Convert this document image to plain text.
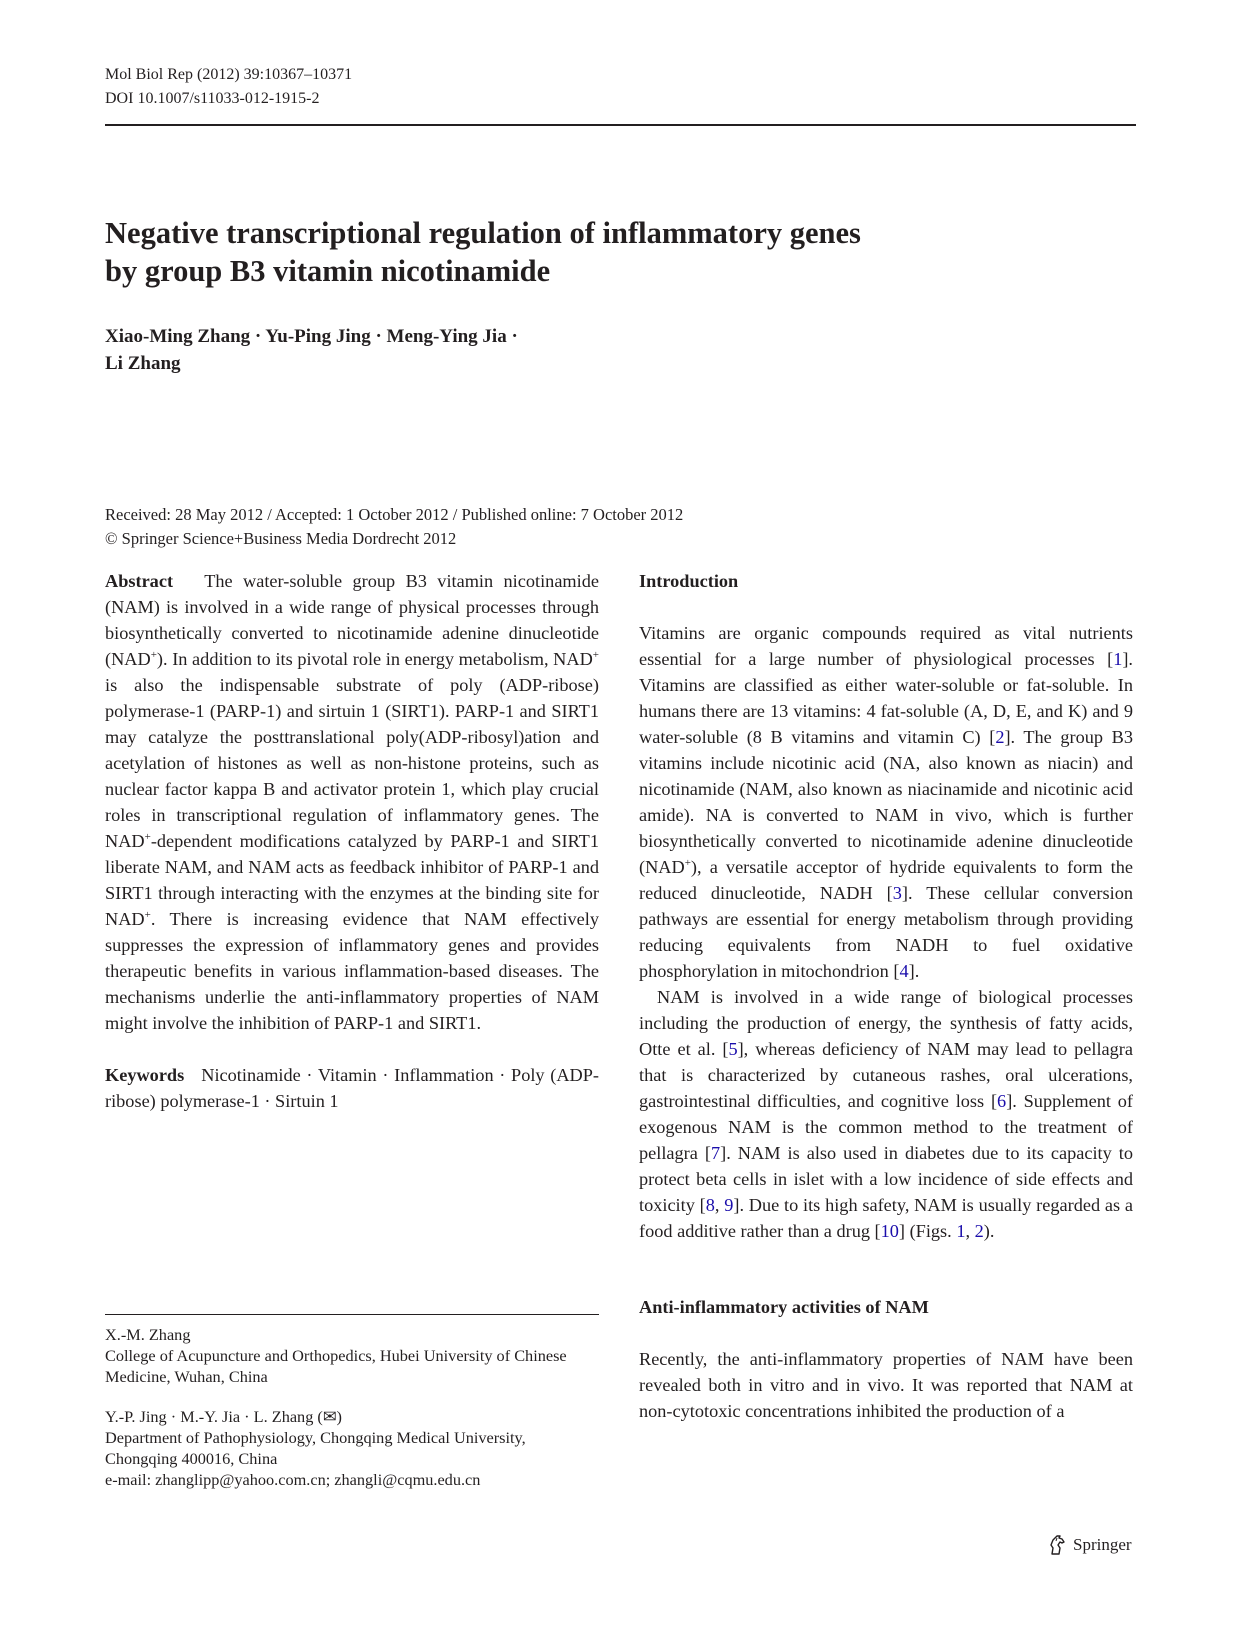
Mol Biol Rep (2012) 39:10367–10371
DOI 10.1007/s11033-012-1915-2
Negative transcriptional regulation of inflammatory genes
by group B3 vitamin nicotinamide
Xiao-Ming Zhang · Yu-Ping Jing · Meng-Ying Jia ·
Li Zhang
Received: 28 May 2012 / Accepted: 1 October 2012 / Published online: 7 October 2012
© Springer Science+Business Media Dordrecht 2012

Abstract The water-soluble group B3 vitamin nicotinamide (NAM) is involved in a wide range of physical processes through biosynthetically converted to nicotinamide adenine dinucleotide (NAD+). In addition to its pivotal role in energy metabolism, NAD+ is also the indispensable substrate of poly (ADP-ribose) polymerase-1 (PARP-1) and sirtuin 1 (SIRT1). PARP-1 and SIRT1 may catalyze the posttranslational poly(ADP-ribosyl)ation and acetylation of histones as well as non-histone proteins, such as nuclear factor kappa B and activator protein 1, which play crucial roles in transcriptional regulation of inflammatory genes. The NAD+-dependent modifications catalyzed by PARP-1 and SIRT1 liberate NAM, and NAM acts as feedback inhibitor of PARP-1 and SIRT1 through interacting with the enzymes at the binding site for NAD+. There is increasing evidence that NAM effectively suppresses the expression of inflammatory genes and provides therapeutic benefits in various inflammation-based diseases. The mechanisms underlie the anti-inflammatory properties of NAM might involve the inhibition of PARP-1 and SIRT1.

Keywords Nicotinamide · Vitamin · Inflammation · Poly (ADP-ribose) polymerase-1 · Sirtuin 1

X.-M. Zhang

College of Acupuncture and Orthopedics, Hubei University of Chinese Medicine, Wuhan, China

Y.-P. Jing · M.-Y. Jia · L. Zhang (✉)

Department of Pathophysiology, Chongqing Medical University, Chongqing 400016, China

e-mail: zhanglipp@yahoo.com.cn; zhangli@cqmu.edu.cn

Introduction

Vitamins are organic compounds required as vital nutrients essential for a large number of physiological processes [1]. Vitamins are classified as either water-soluble or fat-soluble. In humans there are 13 vitamins: 4 fat-soluble (A, D, E, and K) and 9 water-soluble (8 B vitamins and vitamin C) [2]. The group B3 vitamins include nicotinic acid (NA, also known as niacin) and nicotinamide (NAM, also known as niacinamide and nicotinic acid amide). NA is converted to NAM in vivo, which is further biosynthetically converted to nicotinamide adenine dinucleotide (NAD+), a versatile acceptor of hydride equivalents to form the reduced dinucleotide, NADH [3]. These cellular conversion pathways are essential for energy metabolism through providing reducing equivalents from NADH to fuel oxidative phosphorylation in mitochondrion [4].

NAM is involved in a wide range of biological processes including the production of energy, the synthesis of fatty acids, Otte et al. [5], whereas deficiency of NAM may lead to pellagra that is characterized by cutaneous rashes, oral ulcerations, gastrointestinal difficulties, and cognitive loss [6]. Supplement of exogenous NAM is the common method to the treatment of pellagra [7]. NAM is also used in diabetes due to its capacity to protect beta cells in islet with a low incidence of side effects and toxicity [8, 9]. Due to its high safety, NAM is usually regarded as a food additive rather than a drug [10] (Figs. 1, 2).

Anti-inflammatory activities of NAM

Recently, the anti-inflammatory properties of NAM have been revealed both in vitro and in vivo. It was reported that NAM at non-cytotoxic concentrations inhibited the production of a

Springer
